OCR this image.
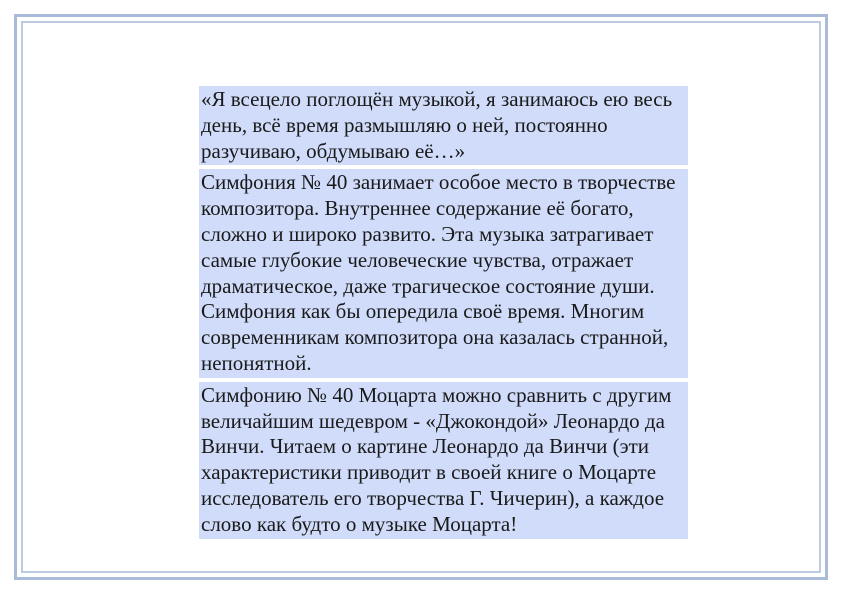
«Я всецело поглощён музыкой, я занимаюсь ею весь день, всё время размышляю о ней, постоянно разучиваю, обдумываю её…»

Симфония № 40 занимает особое место в творчестве композитора. Внутреннее содержание её богато, сложно и широко развито. Эта музыка затрагивает самые глубокие человеческие чувства, отражает драматическое, даже трагическое состояние души. Симфония как бы опередила своё время. Многим современникам композитора она казалась странной, непонятной.

Симфонию № 40 Моцарта можно сравнить с другим величайшим шедевром - «Джокондой» Леонардо да Винчи. Читаем о картине Леонардо да Винчи (эти характеристики приводит в своей книге о Моцарте исследователь его творчества Г. Чичерин), а каждое слово как будто о музыке Моцарта!
